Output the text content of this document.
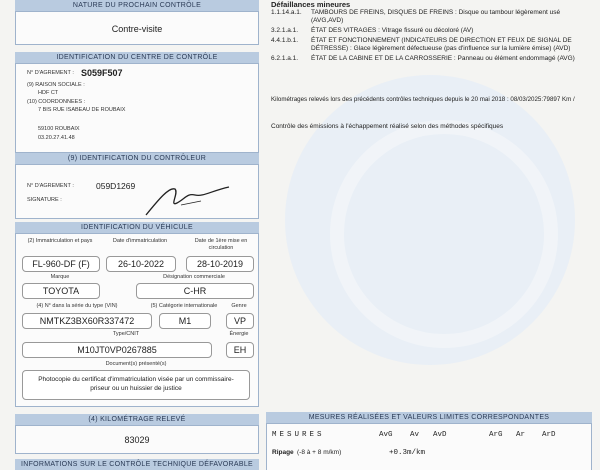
NATURE DU PROCHAIN CONTRÔLE
Contre-visite
IDENTIFICATION DU CENTRE DE CONTRÔLE
N° D'AGREMENT : S059F507
(9) RAISON SOCIALE :
HDF CT
(10) COORDONNEES :
7 BIS RUE ISABEAU DE ROUBAIX
59100 ROUBAIX
03.20.27.41.48
(9) IDENTIFICATION DU CONTRÔLEUR
N° D'AGREMENT :	059D1269
SIGNATURE :
IDENTIFICATION DU VÉHICULE
(2) Immatriculation et pays	Date d'immatriculation	Date de 1ère mise en circulation
FL-960-DF (F)	26-10-2022	28-10-2019
Marque	Désignation commerciale
TOYOTA	C-HR
(4) N° dans la série du type (VIN)	(5) Catégorie internationale	Genre
NMTKZ3BX60R337472	M1	VP
Type/CNIT	Énergie
M10JT0VP0267885	EH
Document(s) présenté(s)
Photocopie du certificat d'immatriculation visée par un commissaire-priseur ou un huissier de justice
(4) KILOMÉTRAGE RELEVÉ
83029
INFORMATIONS SUR LE CONTRÔLE TECHNIQUE DÉFAVORABLE
Défaillances mineures
1.1.14.a.1.	TAMBOURS DE FREINS, DISQUES DE FREINS : Disque ou tambour légèrement usé (AVG,AVD)
3.2.1.a.1.	ÉTAT DES VITRAGES : Vitrage fissuré ou décoloré (AV)
4.4.1.b.1.	ÉTAT ET FONCTIONNEMENT (INDICATEURS DE DIRECTION ET FEUX DE SIGNAL DE DÉTRESSE) : Glace légèrement défectueuse (pas d'influence sur la lumière émise) (AVD)
6.2.1.a.1.	ÉTAT DE LA CABINE ET DE LA CARROSSERIE : Panneau ou élément endommagé (AVG)
Kilométrages relevés lors des précédents contrôles techniques depuis le 20 mai 2018 : 08/03/2025:79897 Km /
Contrôle des émissions à l'échappement réalisé selon des méthodes spécifiques
MESURES RÉALISÉES ET VALEURS LIMITES CORRESPONDANTES
MESURES	AvG Av AvD	ArG Ar ArD
Ripage (-8 à + 8 m/km)	+0.3m/km
